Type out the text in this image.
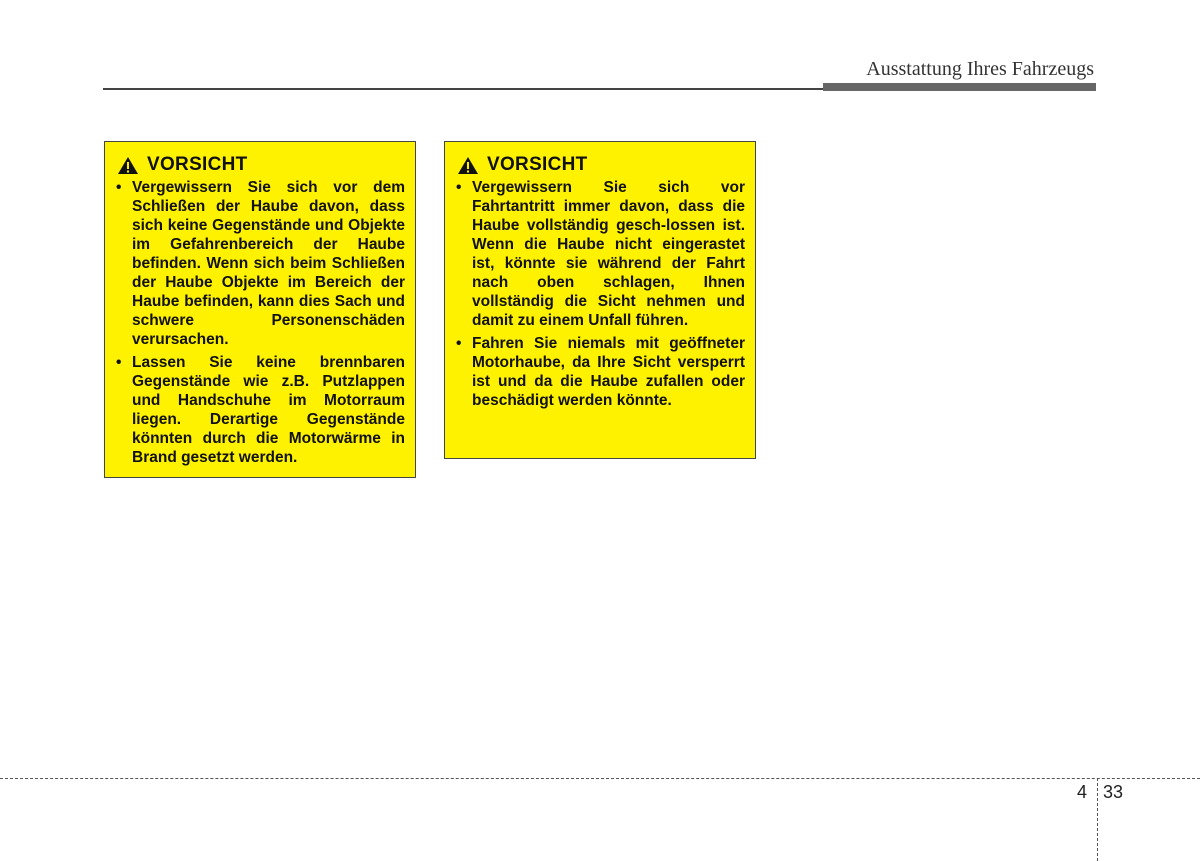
Ausstattung Ihres Fahrzeugs
VORSICHT
• Vergewissern Sie sich vor dem Schließen der Haube davon, dass sich keine Gegenstände und Objekte im Gefahrenbereich der Haube befinden. Wenn sich beim Schließen der Haube Objekte im Bereich der Haube befinden, kann dies Sach und schwere Personenschäden verursachen.
• Lassen Sie keine brennbaren Gegenstände wie z.B. Putzlappen und Handschuhe im Motorraum liegen. Derartige Gegenstände könnten durch die Motorwärme in Brand gesetzt werden.
VORSICHT
• Vergewissern Sie sich vor Fahrtantritt immer davon, dass die Haube vollständig gesch-lossen ist. Wenn die Haube nicht eingerastet ist, könnte sie während der Fahrt nach oben schlagen, Ihnen vollständig die Sicht nehmen und damit zu einem Unfall führen.
• Fahren Sie niemals mit geöffneter Motorhaube, da Ihre Sicht versperrt ist und da die Haube zufallen oder beschädigt werden könnte.
4 33
